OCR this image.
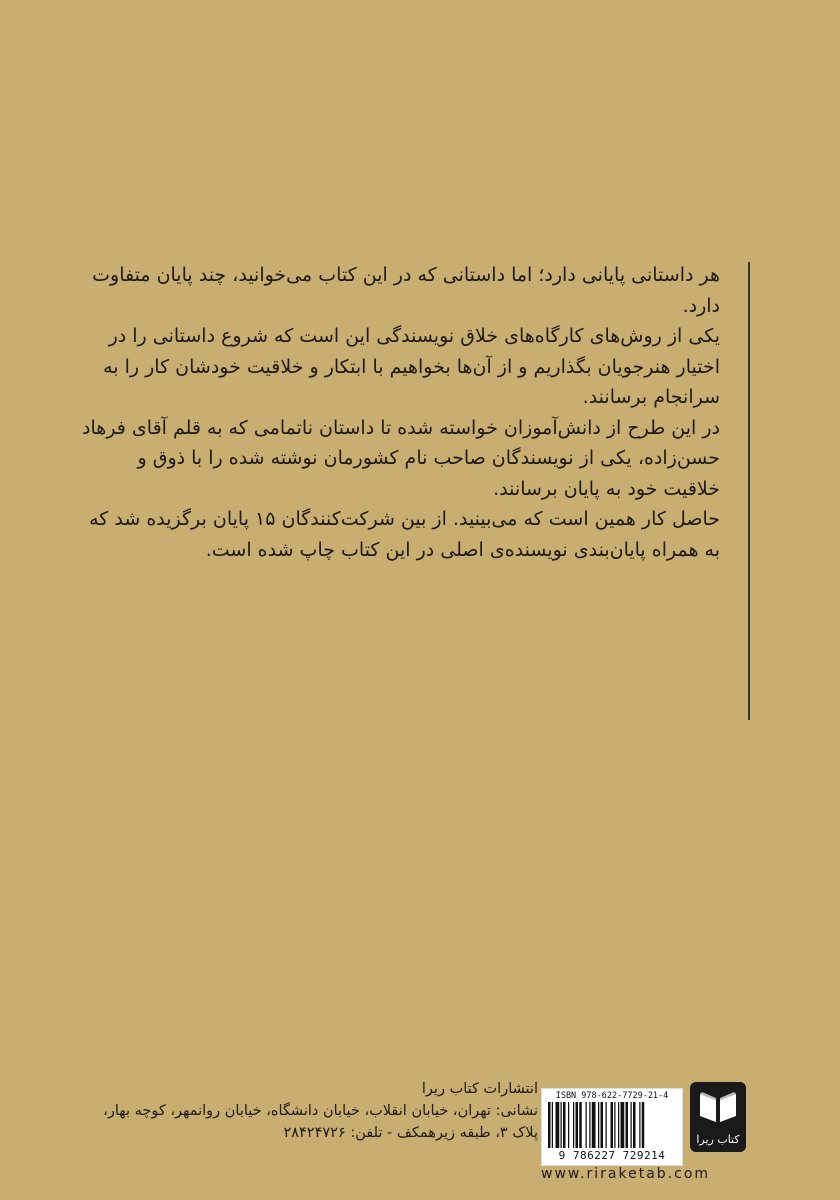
هر داستانی پایانی دارد؛ اما داستانی که در این کتاب می‌خوانید، چند پایان متفاوت دارد.

یکی از روش‌های کارگاه‌های خلاق نویسندگی این است که شروع داستانی را در اختیار هنرجویان بگذاریم و از آن‌ها بخواهیم با ابتکار و خلاقیت خودشان کار را به سرانجام برسانند.

در این طرح از دانش‌آموزان خواسته شده تا داستان ناتمامی که به قلم آقای فرهاد حسن‌زاده، یکی از نویسندگان صاحب نام کشورمان نوشته شده را با ذوق و خلاقیت خود به پایان برسانند.

حاصل کار همین است که می‌بینید. از بین شرکت‌کنندگان ۱۵ پایان برگزیده شد که به همراه پایان‌بندی نویسنده‌ی اصلی در این کتاب چاپ شده است.

انتشارات کتاب ریرا
نشانی: تهران، خیابان انقلاب، خیابان دانشگاه، خیابان روانمهر، کوچه بهار،
پلاک ۳، طبقه زیرهمکف - تلفن: ۲۸۴۲۴۷۲۶
ISBN 978-622-7729-21-4
9 786227 729214
کتاب ریرا
www.riraketab.com
